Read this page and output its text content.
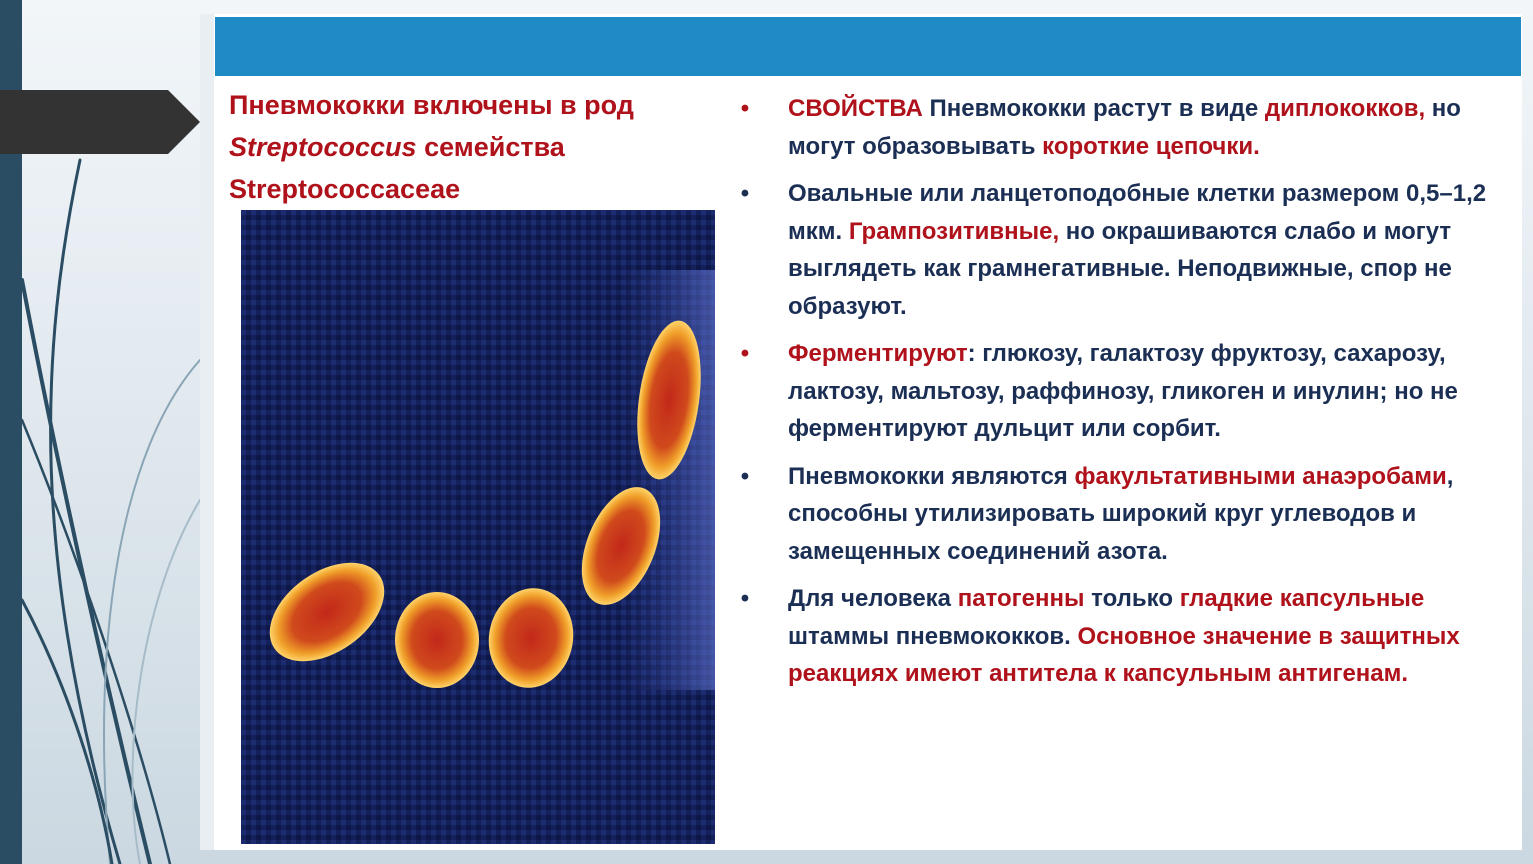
Пневмококки включены в род Streptococcus семейства Streptococcaceae
• СВОЙСТВА Пневмококки растут в виде диплококков, но могут образовывать короткие цепочки.
• Овальные или ланцетоподобные клетки размером 0,5–1,2 мкм. Грампозитивные, но окрашиваются слабо и могут выглядеть как грамнегативные. Неподвижные, спор не образуют.
• Ферментируют: глюкозу, галактозу фруктозу, сахарозу, лактозу, мальтозу, раффинозу, гликоген и инулин; но не ферментируют дульцит или сорбит.
• Пневмококки являются факультативными анаэробами, способны утилизировать широкий круг углеводов и замещенных соединений азота.
• Для человека патогенны только гладкие капсульные штаммы пневмококков. Основное значение в защитных реакциях имеют антитела к капсульным антигенам.
